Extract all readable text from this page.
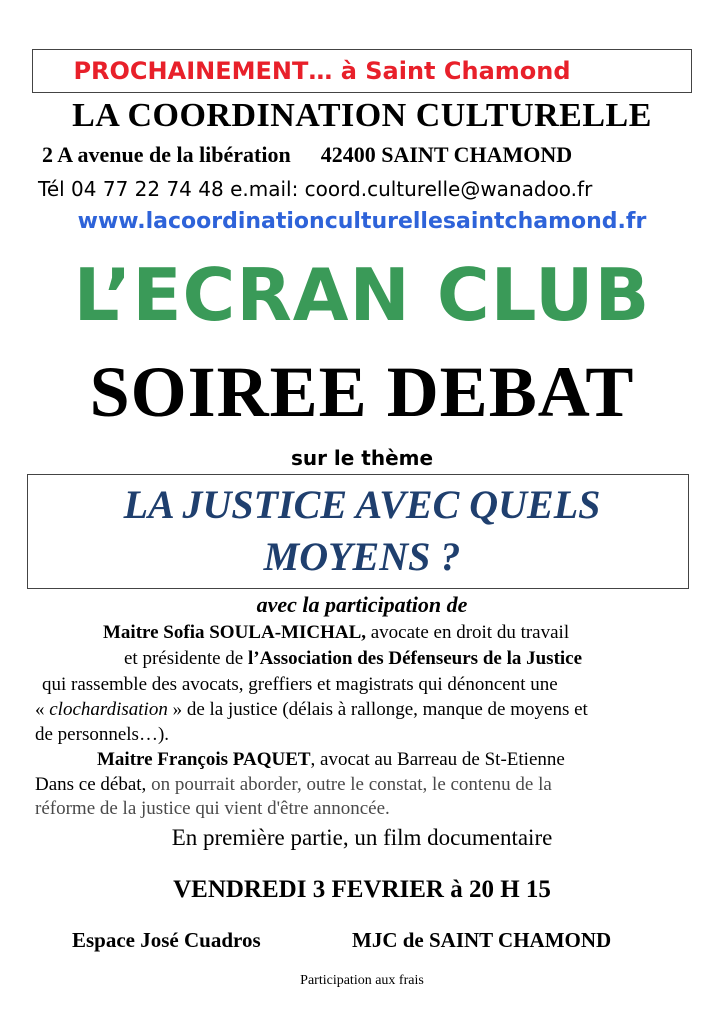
PROCHAINEMENT… à Saint Chamond

LA COORDINATION CULTURELLE

2 A avenue de la libération 42400 SAINT CHAMOND

Tél 04 77 22 74 48 e.mail: coord.culturelle@wanadoo.fr

www.lacoordinationculturellesaintchamond.fr

L’ECRAN CLUB

SOIREE DEBAT

sur le thème

LA JUSTICE AVEC QUELS

MOYENS ?

avec la participation de

Maitre Sofia SOULA-MICHAL, avocate en droit du travail

et présidente de l’Association des Défenseurs de la Justice

qui rassemble des avocats, greffiers et magistrats qui dénoncent une

« clochardisation » de la justice (délais à rallonge, manque de moyens et

de personnels…).

Maitre François PAQUET, avocat au Barreau de St-Etienne

Dans ce débat, on pourrait aborder, outre le constat, le contenu de la

réforme de la justice qui vient d'être annoncée.

En première partie, un film documentaire

VENDREDI 3 FEVRIER à 20 H 15

Espace José Cuadros	MJC de SAINT CHAMOND

Participation aux frais
